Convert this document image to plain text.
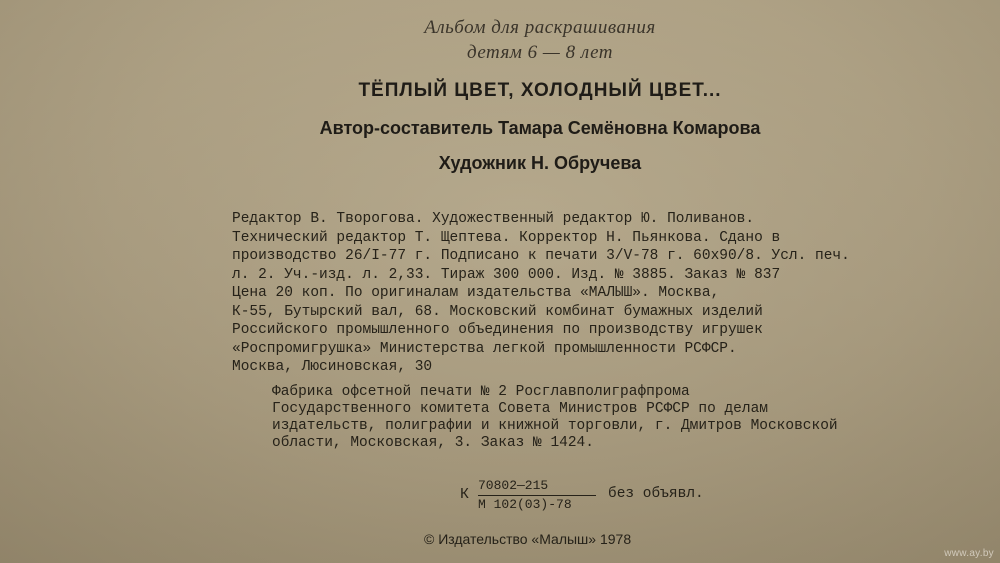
Альбом для раскрашивания
детям 6 — 8 лет
ТЁПЛЫЙ ЦВЕТ, ХОЛОДНЫЙ ЦВЕТ...
Автор-составитель Тамара Семёновна Комарова
Художник Н. Обручева
Редактор В. Творогова. Художественный редактор Ю. Поливанов.
Технический редактор Т. Щептева. Корректор Н. Пьянкова. Сдано в
производство 26/I-77 г. Подписано к печати 3/V-78 г. 60x90/8. Усл. печ.
л. 2. Уч.-изд. л. 2,33. Тираж 300 000. Изд. № 3885. Заказ № 837
Цена 20 коп. По оригиналам издательства «МАЛЫШ». Москва,
К-55, Бутырский вал, 68. Московский комбинат бумажных изделий
Российского промышленного объединения по производству игрушек
«Роспромигрушка» Министерства легкой промышленности РСФСР.
Москва, Люсиновская, 30
Фабрика офсетной печати № 2 Росглавполиграфпрома
Государственного комитета Совета Министров РСФСР по делам
издательств, полиграфии и книжной торговли, г. Дмитров Московской
области, Московская, 3. Заказ № 1424.
К
70802—215
М 102(03)-78
без объявл.
© Издательство «Малыш» 1978
www.ay.by
